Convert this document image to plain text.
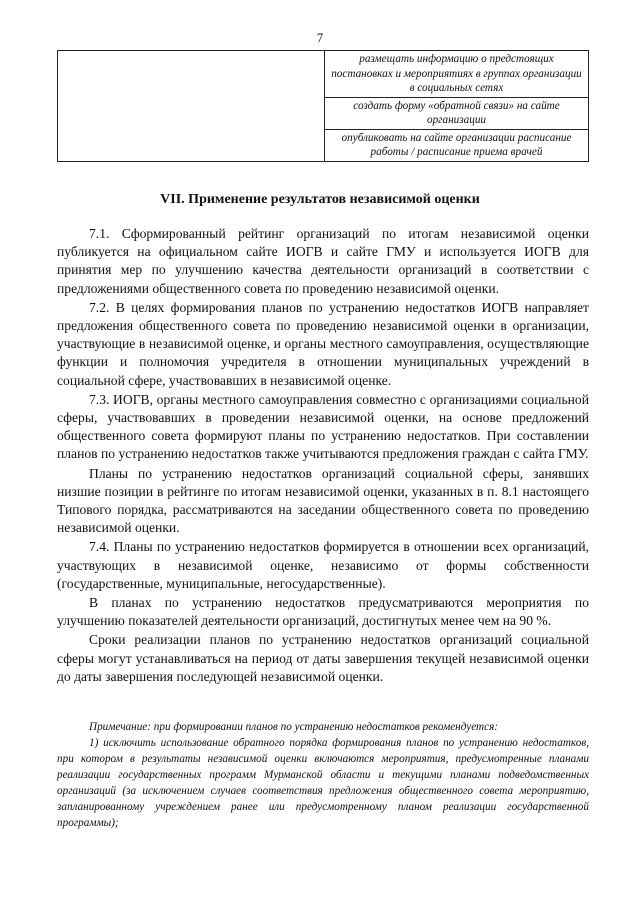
7
	размещать информацию о предстоящих постановках и мероприятиях в группах организации в социальных сетях
создать форму «обратной связи» на сайте организации
опубликовать на сайте организации расписание работы / расписание приема врачей
VII. Применение результатов независимой оценки

7.1. Сформированный рейтинг организаций по итогам независимой оценки публикуется на официальном сайте ИОГВ и сайте ГМУ и используется ИОГВ для принятия мер по улучшению качества деятельности организаций в соответствии с предложениями общественного совета по проведению независимой оценки.

7.2. В целях формирования планов по устранению недостатков ИОГВ направляет предложения общественного совета по проведению независимой оценки в организации, участвующие в независимой оценке, и органы местного самоуправления, осуществляющие функции и полномочия учредителя в отношении муниципальных учреждений в социальной сфере, участвовавших в независимой оценке.

7.3. ИОГВ, органы местного самоуправления совместно с организациями социальной сферы, участвовавших в проведении независимой оценки, на основе предложений общественного совета формируют планы по устранению недостатков. При составлении планов по устранению недостатков также учитываются предложения граждан с сайта ГМУ.

Планы по устранению недостатков организаций социальной сферы, занявших низшие позиции в рейтинге по итогам независимой оценки, указанных в п. 8.1 настоящего Типового порядка, рассматриваются на заседании общественного совета по проведению независимой оценки.

7.4. Планы по устранению недостатков формируется в отношении всех организаций, участвующих в независимой оценке, независимо от формы собственности (государственные, муниципальные, негосударственные).

В планах по устранению недостатков предусматриваются мероприятия по улучшению показателей деятельности организаций, достигнутых менее чем на 90 %.

Сроки реализации планов по устранению недостатков организаций социальной сферы могут устанавливаться на период от даты завершения текущей независимой оценки до даты завершения последующей независимой оценки.

Примечание: при формировании планов по устранению недостатков рекомендуется:

1) исключить использование обратного порядка формирования планов по устранению недостатков, при котором в результаты независимой оценки включаются мероприятия, предусмотренные планами реализации государственных программ Мурманской области и текущими планами подведомственных организаций (за исключением случаев соответствия предложения общественного совета мероприятию, запланированному учреждением ранее или предусмотренному планом реализации государственной программы);
